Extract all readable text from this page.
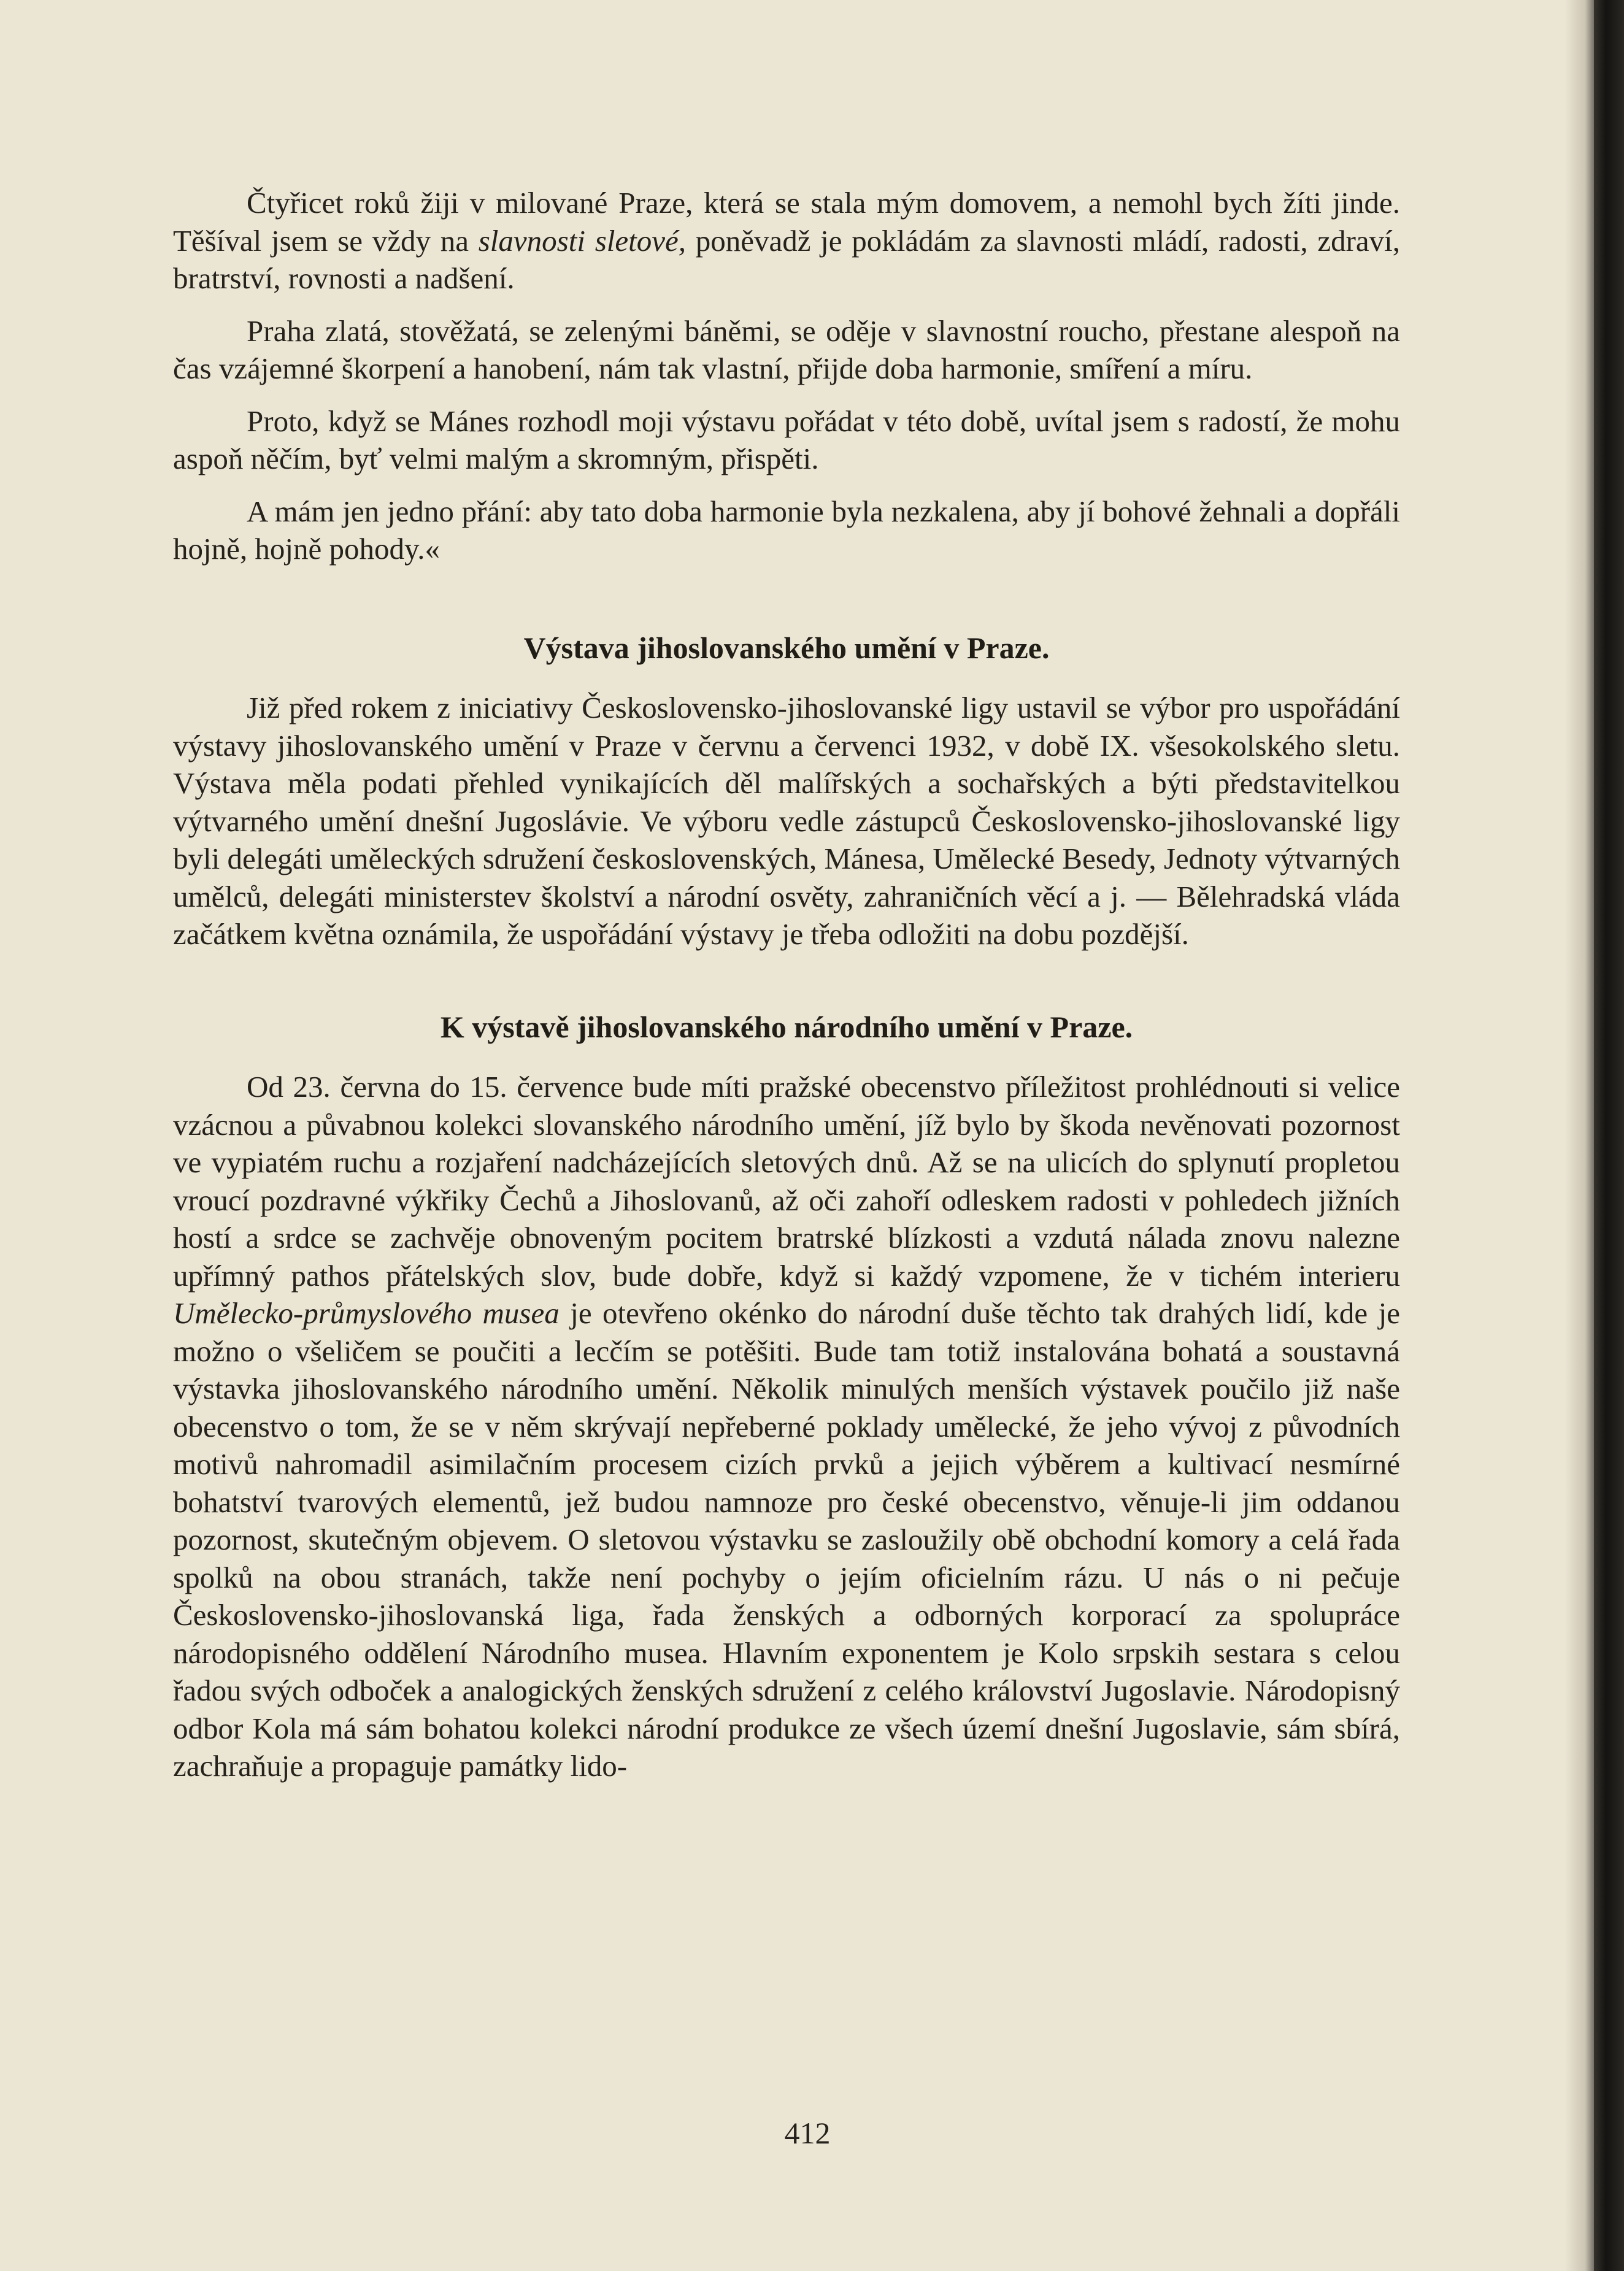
Čtyřicet roků žiji v milované Praze, která se stala mým domovem, a nemohl bych žíti jinde. Těšíval jsem se vždy na slavnosti sletové, poněvadž je pokládám za slavnosti mládí, radosti, zdraví, bratrství, rovnosti a nadšení.

Praha zlatá, stověžatá, se zelenými báněmi, se oděje v slavnostní roucho, přestane alespoň na čas vzájemné škorpení a hanobení, nám tak vlastní, přijde doba harmonie, smíření a míru.

Proto, když se Mánes rozhodl moji výstavu pořádat v této době, uvítal jsem s radostí, že mohu aspoň něčím, byť velmi malým a skromným, přispěti.

A mám jen jedno přání: aby tato doba harmonie byla nezkalena, aby jí bohové žehnali a dopřáli hojně, hojně pohody.«

Výstava jihoslovanského umění v Praze.

Již před rokem z iniciativy Československo-jihoslovanské ligy ustavil se výbor pro uspořádání výstavy jihoslovanského umění v Praze v červnu a červenci 1932, v době IX. všesokolského sletu. Výstava měla podati přehled vynikajících děl malířských a sochařských a býti představitelkou výtvarného umění dnešní Jugoslávie. Ve výboru vedle zástupců Československo-jihoslovanské ligy byli delegáti uměleckých sdružení československých, Mánesa, Umělecké Besedy, Jednoty výtvarných umělců, delegáti ministerstev školství a národní osvěty, zahraničních věcí a j. — Bělehradská vláda začátkem května oznámila, že uspořádání výstavy je třeba odložiti na dobu pozdější.

K výstavě jihoslovanského národního umění v Praze.

Od 23. června do 15. července bude míti pražské obecenstvo příležitost prohlédnouti si velice vzácnou a půvabnou kolekci slovanského národního umění, jíž bylo by škoda nevěnovati pozornost ve vypiatém ruchu a rozjaření nadcházejících sletových dnů. Až se na ulicích do splynutí propletou vroucí pozdravné výkřiky Čechů a Jihoslovanů, až oči zahoří odleskem radosti v pohledech jižních hostí a srdce se zachvěje obnoveným pocitem bratrské blízkosti a vzdutá nálada znovu nalezne upřímný pathos přátelských slov, bude dobře, když si každý vzpomene, že v tichém interieru Umělecko-průmyslového musea je otevřeno okénko do národní duše těchto tak drahých lidí, kde je možno o všeličem se poučiti a lecčím se potěšiti. Bude tam totiž instalována bohatá a soustavná výstavka jihoslovanského národního umění. Několik minulých menších výstavek poučilo již naše obecenstvo o tom, že se v něm skrývají nepřeberné poklady umělecké, že jeho vývoj z původních motivů nahromadil asimilačním procesem cizích prvků a jejich výběrem a kultivací nesmírné bohatství tvarových elementů, jež budou namnoze pro české obecenstvo, věnuje-li jim oddanou pozornost, skutečným objevem. O sletovou výstavku se zasloužily obě obchodní komory a celá řada spolků na obou stranách, takže není pochyby o jejím oficielním rázu. U nás o ni pečuje Československo-jihoslovanská liga, řada ženských a odborných korporací za spolupráce národopisného oddělení Národního musea. Hlavním exponentem je Kolo srpskih sestara s celou řadou svých odboček a analogických ženských sdružení z celého království Jugoslavie. Národopisný odbor Kola má sám bohatou kolekci národní produkce ze všech území dnešní Jugoslavie, sám sbírá, zachraňuje a propaguje památky lido-

412
